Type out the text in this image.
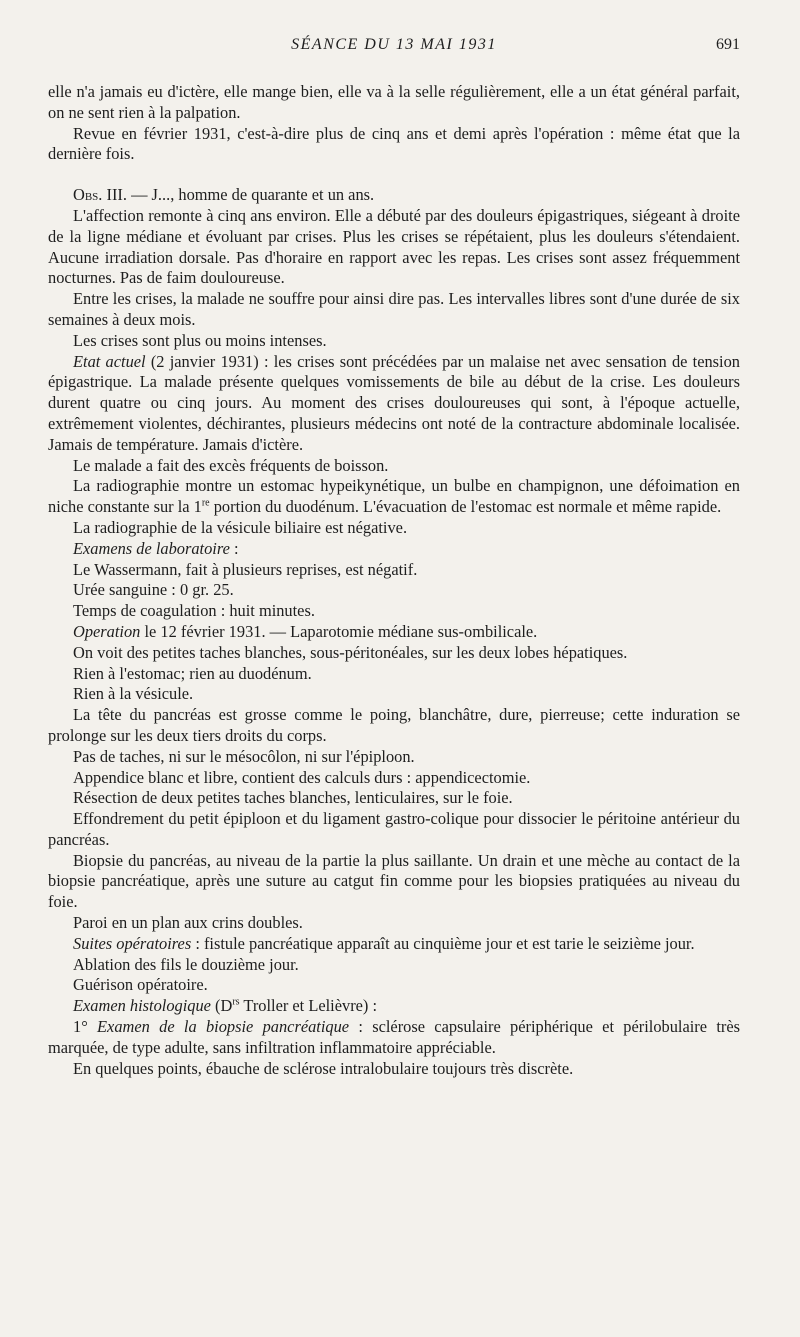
SÉANCE DU 13 MAI 1931	691

elle n'a jamais eu d'ictère, elle mange bien, elle va à la selle régulièrement, elle a un état général parfait, on ne sent rien à la palpation.

Revue en février 1931, c'est-à-dire plus de cinq ans et demi après l'opération : même état que la dernière fois.

Obs. III. — J..., homme de quarante et un ans.

L'affection remonte à cinq ans environ. Elle a débuté par des douleurs épigastriques, siégeant à droite de la ligne médiane et évoluant par crises. Plus les crises se répétaient, plus les douleurs s'étendaient. Aucune irradiation dorsale. Pas d'horaire en rapport avec les repas. Les crises sont assez fréquemment nocturnes. Pas de faim douloureuse.

Entre les crises, la malade ne souffre pour ainsi dire pas. Les intervalles libres sont d'une durée de six semaines à deux mois.

Les crises sont plus ou moins intenses.

Etat actuel (2 janvier 1931) : les crises sont précédées par un malaise net avec sensation de tension épigastrique. La malade présente quelques vomissements de bile au début de la crise. Les douleurs durent quatre ou cinq jours. Au moment des crises douloureuses qui sont, à l'époque actuelle, extrêmement violentes, déchirantes, plusieurs médecins ont noté de la contracture abdominale localisée. Jamais de température. Jamais d'ictère.

Le malade a fait des excès fréquents de boisson.

La radiographie montre un estomac hypeikynétique, un bulbe en champignon, une défoimation en niche constante sur la 1re portion du duodénum. L'évacuation de l'estomac est normale et même rapide.

La radiographie de la vésicule biliaire est négative.

Examens de laboratoire :

Le Wassermann, fait à plusieurs reprises, est négatif.

Urée sanguine : 0 gr. 25.

Temps de coagulation : huit minutes.

Operation le 12 février 1931. — Laparotomie médiane sus-ombilicale.

On voit des petites taches blanches, sous-péritonéales, sur les deux lobes hépatiques.

Rien à l'estomac; rien au duodénum.

Rien à la vésicule.

La tête du pancréas est grosse comme le poing, blanchâtre, dure, pierreuse; cette induration se prolonge sur les deux tiers droits du corps.

Pas de taches, ni sur le mésocôlon, ni sur l'épiploon.

Appendice blanc et libre, contient des calculs durs : appendicectomie.

Résection de deux petites taches blanches, lenticulaires, sur le foie.

Effondrement du petit épiploon et du ligament gastro-colique pour dissocier le péritoine antérieur du pancréas.

Biopsie du pancréas, au niveau de la partie la plus saillante. Un drain et une mèche au contact de la biopsie pancréatique, après une suture au catgut fin comme pour les biopsies pratiquées au niveau du foie.

Paroi en un plan aux crins doubles.

Suites opératoires : fistule pancréatique apparaît au cinquième jour et est tarie le seizième jour.

Ablation des fils le douzième jour.

Guérison opératoire.

Examen histologique ($D^{rs}$ Troller et Lelièvre) :

1° Examen de la biopsie pancréatique : sclérose capsulaire périphérique et périlobulaire très marquée, de type adulte, sans infiltration inflammatoire appréciable.

En quelques points, ébauche de sclérose intralobulaire toujours très discrète.
